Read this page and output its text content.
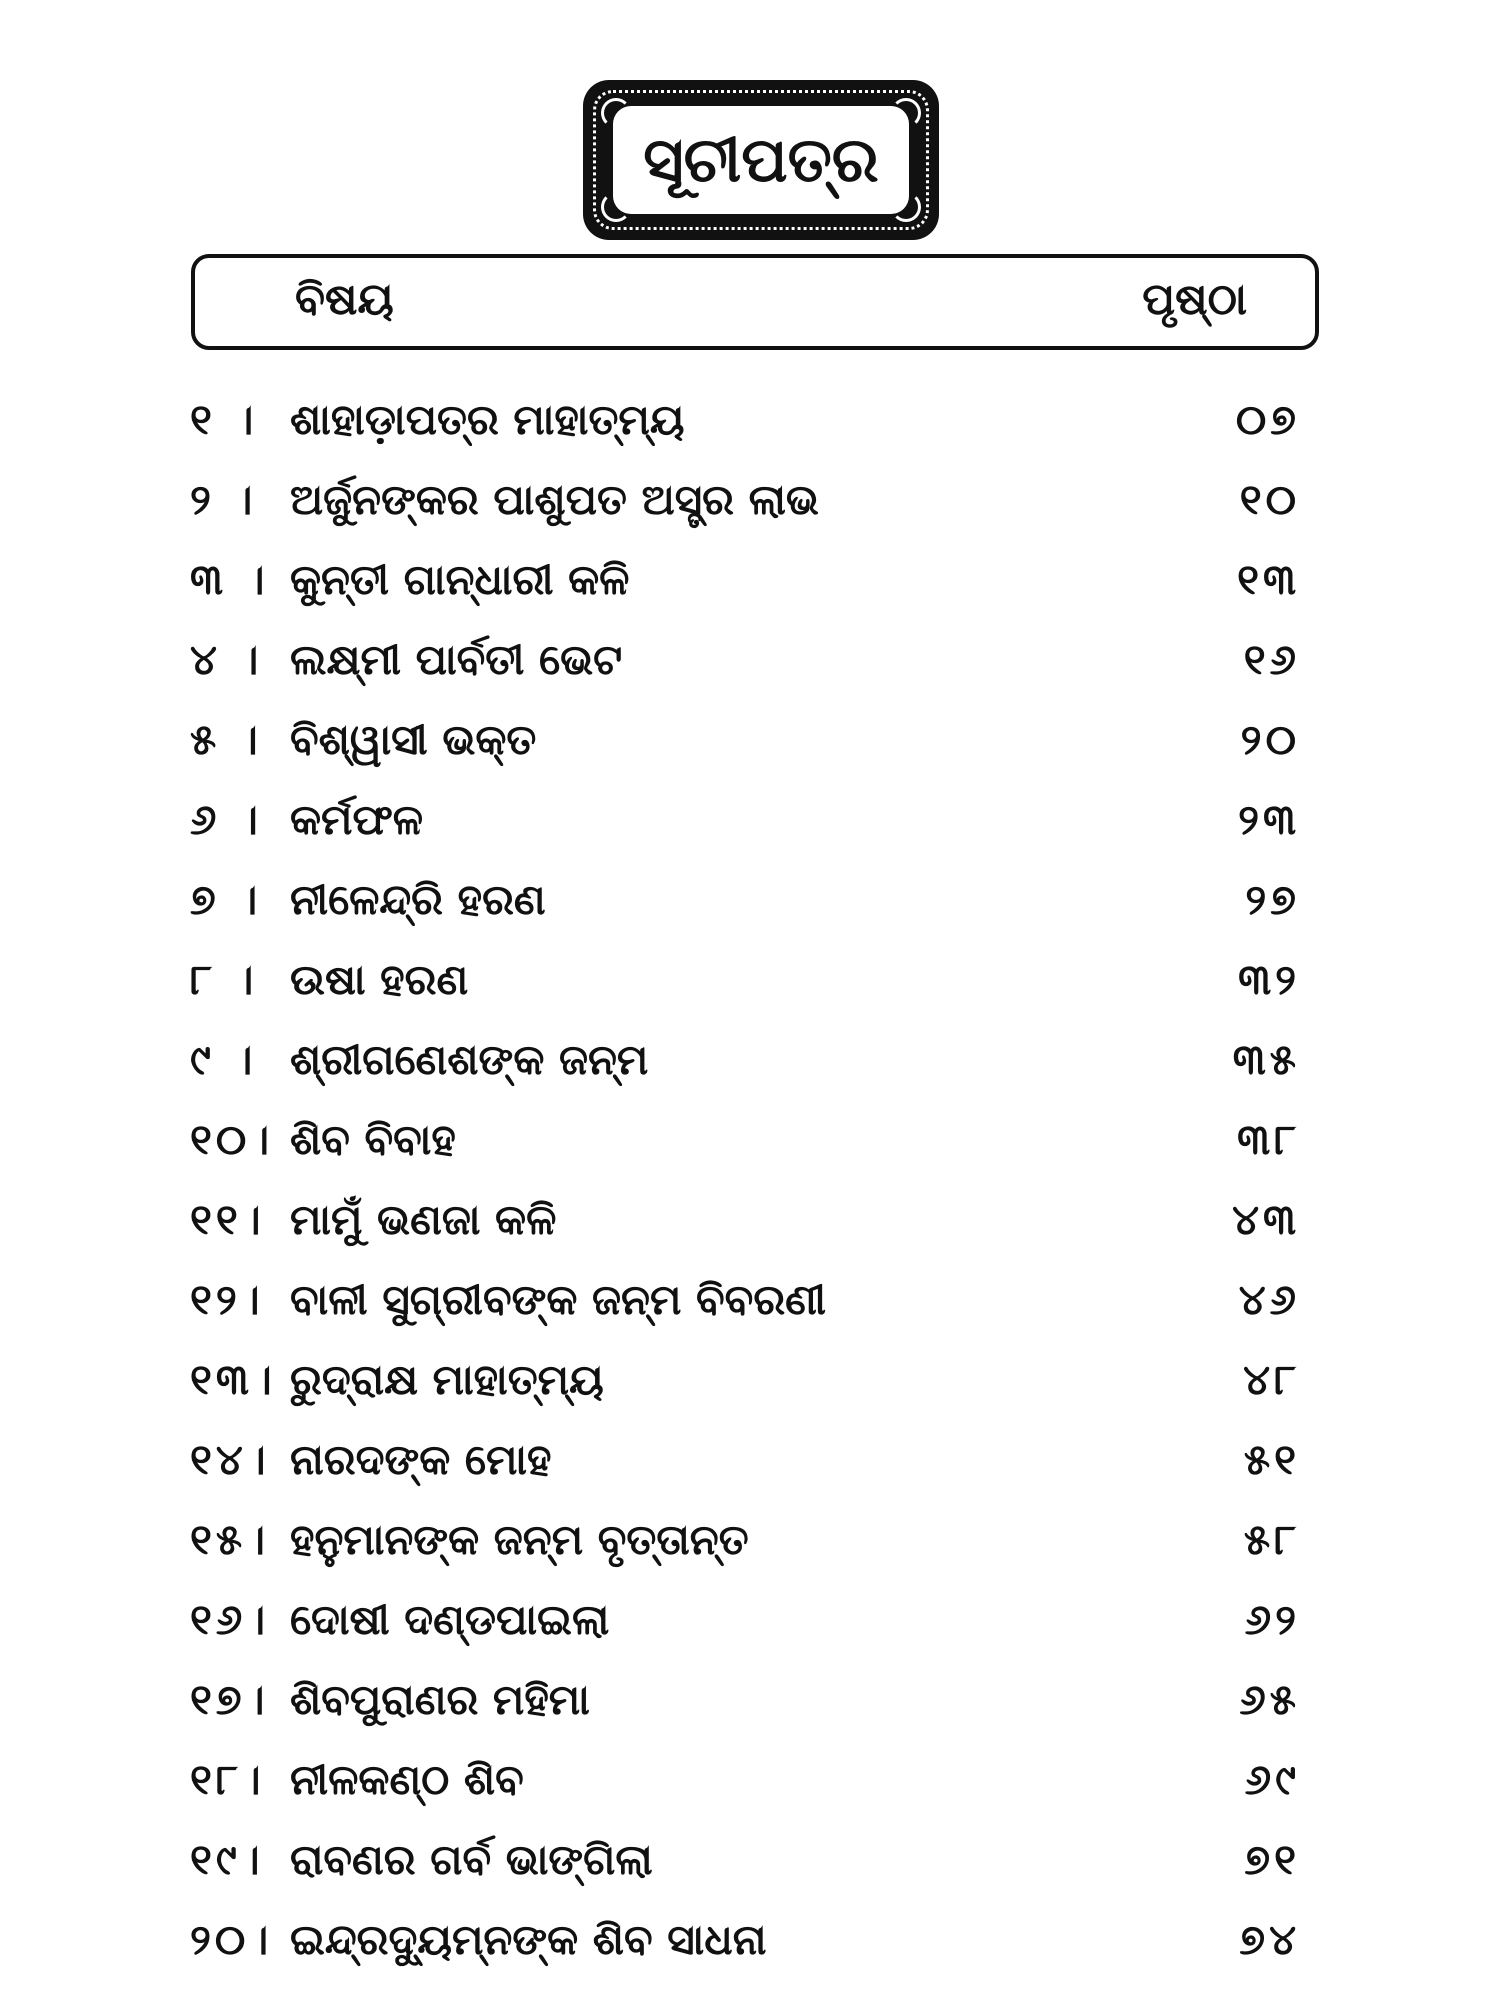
ସୂଚୀପତ୍ର
ବିଷୟ	ପୃଷ୍ଠା
୧ । ଶାହାଡ଼ାପତ୍ର ମାହାତ୍ମ୍ୟ	୦୭
୨ । ଅର୍ଜୁନଙ୍କର ପାଶୁପତ ଅସ୍ତ୍ର ଲାଭ	୧୦
୩ । କୁନ୍ତୀ ଗାନ୍ଧାରୀ କଳି	୧୩
୪ । ଲକ୍ଷ୍ମୀ ପାର୍ବତୀ ଭେଟ	୧୬
୫ । ବିଶ୍ୱାସୀ ଭକ୍ତ	୨୦
୬ । କର୍ମଫଳ	୨୩
୭ । ନୀଳେନ୍ଦ୍ରି ହରଣ	୨୭
୮ । ଉଷା ହରଣ	୩୨
୯ । ଶ୍ରୀଗଣେଶଙ୍କ ଜନ୍ମ	୩୫
୧୦। ଶିବ ବିବାହ	୩୮
୧୧। ମାମୁଁ ଭଣଜା କଳି	୪୩
୧୨। ବାଳୀ ସୁଗ୍ରୀବଙ୍କ ଜନ୍ମ ବିବରଣୀ	୪୬
୧୩। ରୁଦ୍ରାକ୍ଷ ମାହାତ୍ମ୍ୟ	୪୮
୧୪। ନାରଦଙ୍କ ମୋହ	୫୧
୧୫। ହନୁମାନଙ୍କ ଜନ୍ମ ବୃତ୍ତାନ୍ତ	୫୮
୧୬। ଦୋଷୀ ଦଣ୍ଡପାଇଲା	୬୨
୧୭। ଶିବପୁରାଣର ମହିମା	୬୫
୧୮। ନୀଳକଣ୍ଠ ଶିବ	୬୯
୧୯। ରାବଣର ଗର୍ବ ଭାଙ୍ଗିଲା	୭୧
୨୦। ଇନ୍ଦ୍ରଦ୍ୟୁମ୍ନଙ୍କ ଶିବ ସାଧନା	୭୪
